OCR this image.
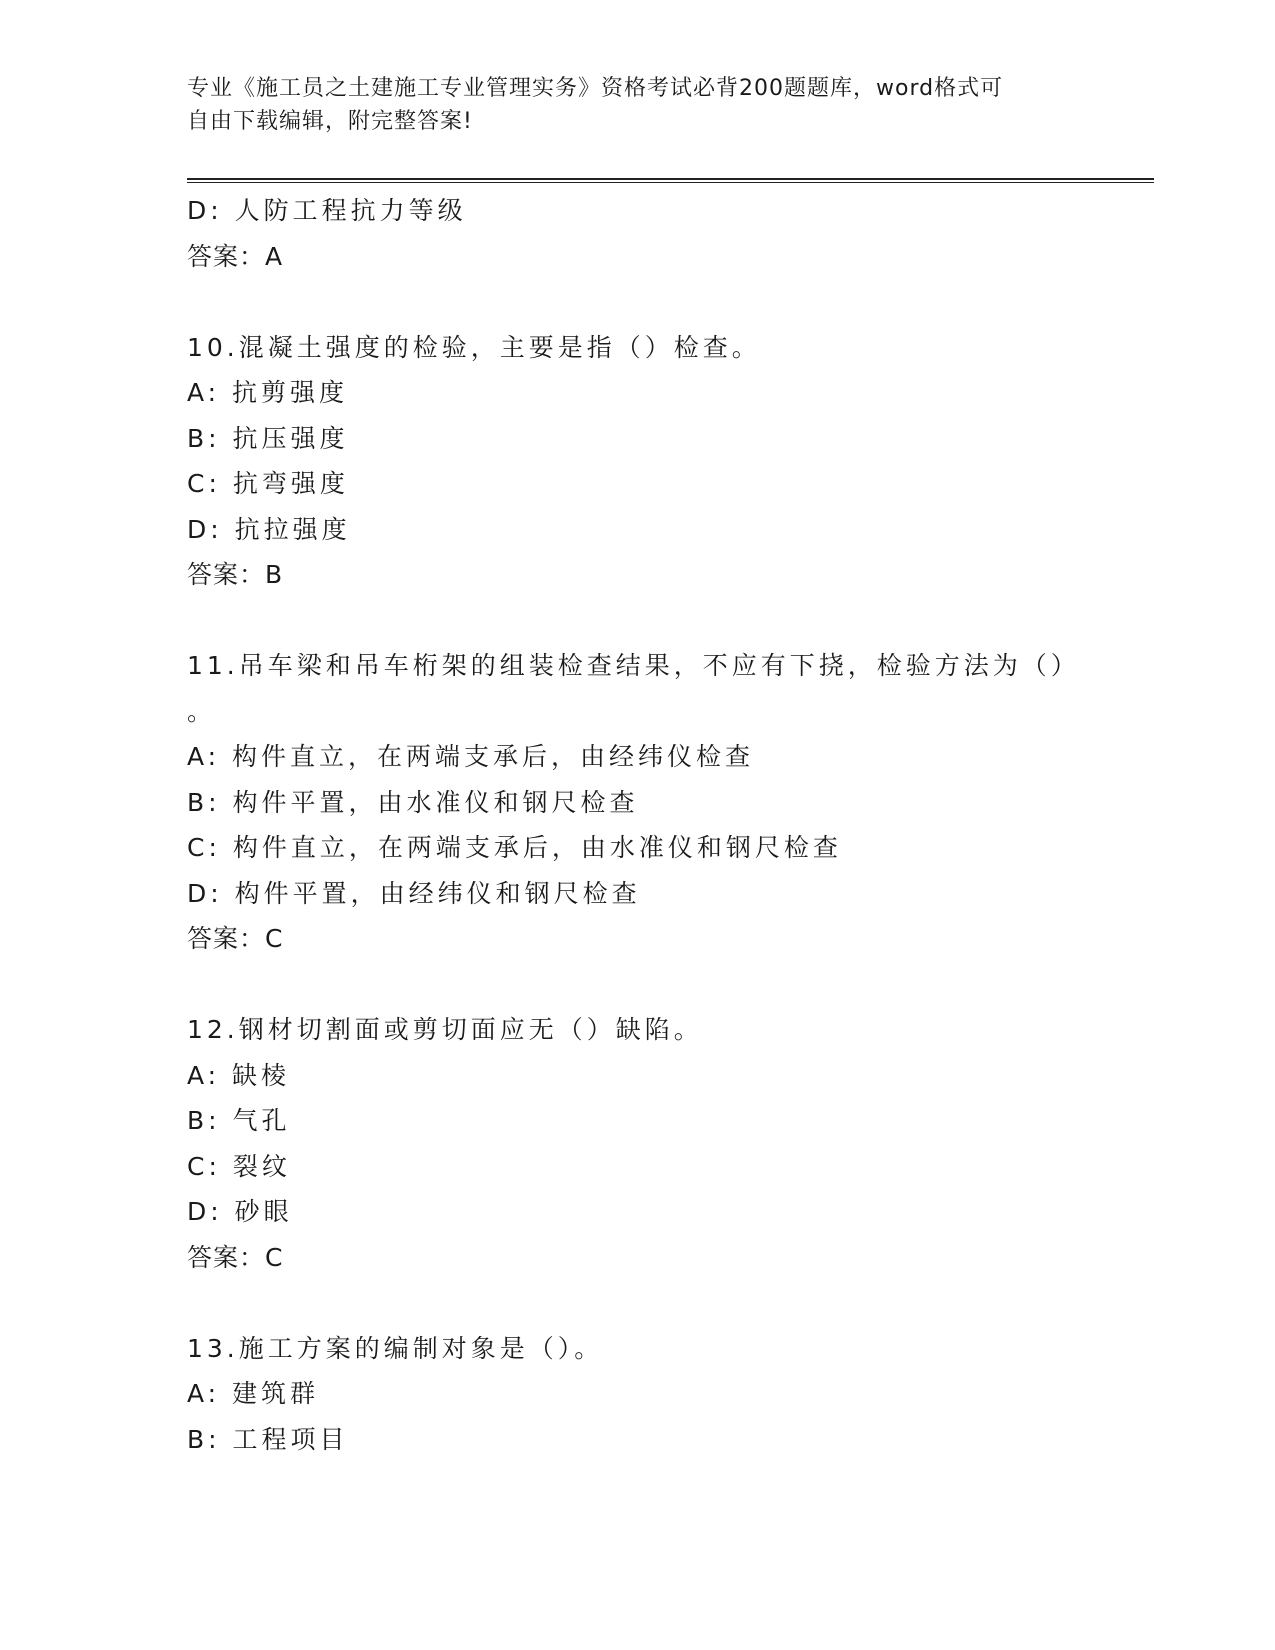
专业《施工员之土建施工专业管理实务》资格考试必背200题题库，word格式可
自由下载编辑，附完整答案!
D: 人防工程抗力等级
答案：A
10.混凝土强度的检验，主要是指（）检查。
A: 抗剪强度
B: 抗压强度
C: 抗弯强度
D: 抗拉强度
答案：B
11.吊车梁和吊车桁架的组装检查结果，不应有下挠，检验方法为（）
。
A: 构件直立，在两端支承后，由经纬仪检查
B: 构件平置，由水准仪和钢尺检查
C: 构件直立，在两端支承后，由水准仪和钢尺检查
D: 构件平置，由经纬仪和钢尺检查
答案：C
12.钢材切割面或剪切面应无（）缺陷。
A: 缺棱
B: 气孔
C: 裂纹
D: 砂眼
答案：C
13.施工方案的编制对象是（）。
A: 建筑群
B: 工程项目
